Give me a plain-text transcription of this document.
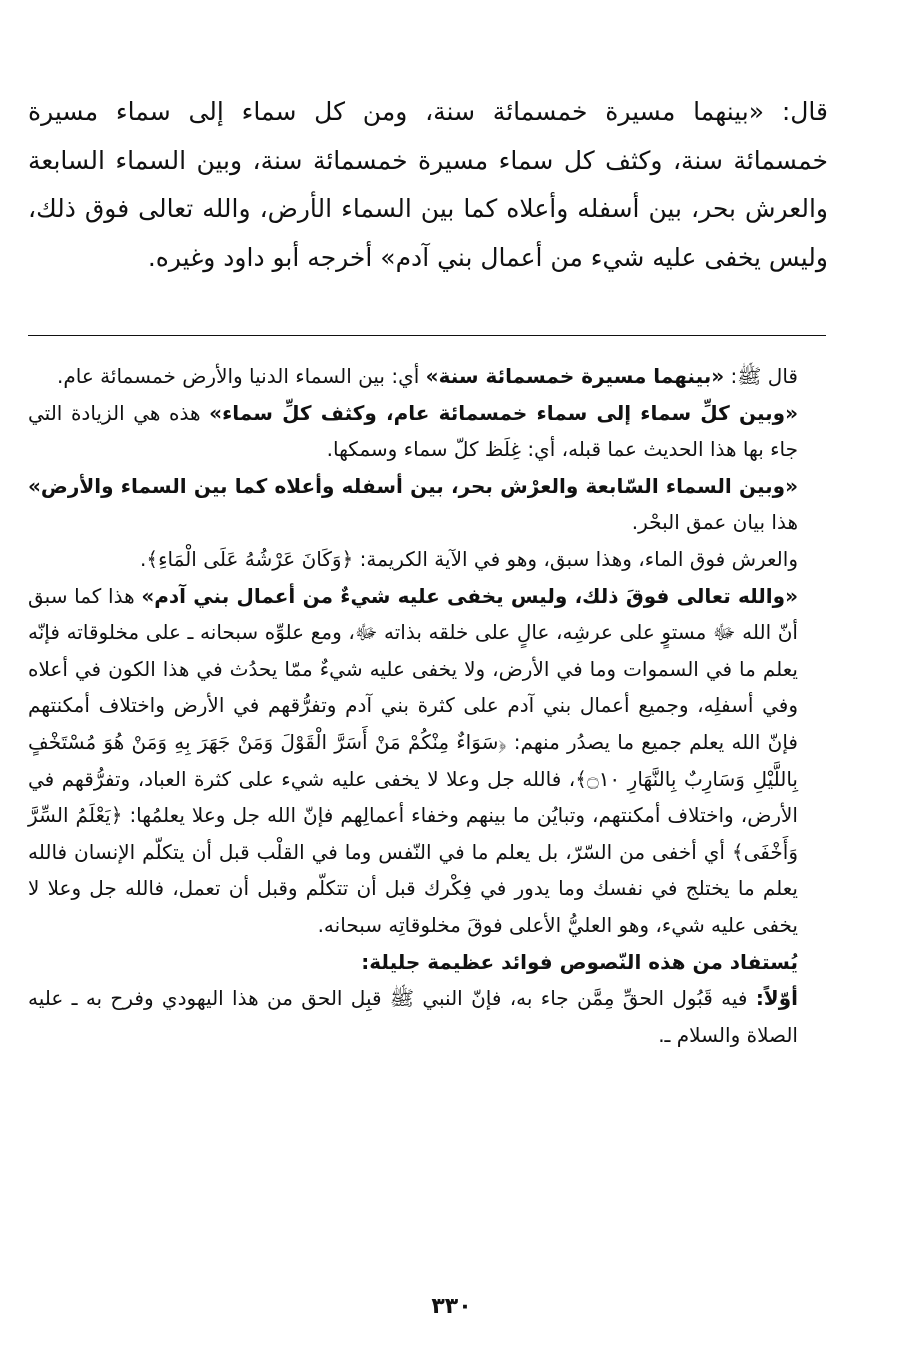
قال: «بينهما مسيرة خمسمائة سنة، ومن كل سماء إلى سماء مسيرة خمسمائة سنة، وكثف كل سماء مسيرة خمسمائة سنة، وبين السماء السابعة والعرش بحر، بين أسفله وأعلاه كما بين السماء الأرض، والله تعالى فوق ذلك، وليس يخفى عليه شيء من أعمال بني آدم» أخرجه أبو داود وغيره.

قال ﷺ: «بينهما مسيرة خمسمائة سنة» أي: بين السماء الدنيا والأرض خمسمائة عام.

«وبين كلِّ سماء إلى سماء خمسمائة عام، وكثف كلِّ سماء» هذه هي الزيادة التي جاء بها هذا الحديث عما قبله، أي: غِلَظ كلّ سماء وسمكها.

«وبين السماء السّابعة والعرْش بحر، بين أسفله وأعلاه كما بين السماء والأرض» هذا بيان عمق البحْر.

والعرش فوق الماء، وهذا سبق، وهو في الآية الكريمة: ﴿وَكَانَ عَرْشُهُ عَلَى الْمَاءِ﴾.

«والله تعالى فوقَ ذلك، وليس يخفى عليه شيءٌ من أعمال بني آدم» هذا كما سبق أنّ الله ﷻ مستوٍ على عرشِه، عالٍ على خلقه بذاته ﷻ، ومع علوِّه سبحانه ـ على مخلوقاته فإنّه يعلم ما في السموات وما في الأرض، ولا يخفى عليه شيءٌ ممّا يحدُث في هذا الكون في أعلاه وفي أسفلِه، وجميع أعمال بني آدم على كثرة بني آدم وتفرُّقهم في الأرض واختلاف أمكنتهم فإنّ الله يعلم جميع ما يصدُر منهم: ﴿سَوَاءٌ مِنْكُمْ مَنْ أَسَرَّ الْقَوْلَ وَمَنْ جَهَرَ بِهِ وَمَنْ هُوَ مُسْتَخْفٍ بِاللَّيْلِ وَسَارِبٌ بِالنَّهَارِ ۝١٠﴾، فالله جل وعلا لا يخفى عليه شيء على كثرة العباد، وتفرُّقهم في الأرض، واختلاف أمكنتهم، وتبايُن ما بينهم وخفاء أعمالِهم فإنّ الله جل وعلا يعلمُها: ﴿يَعْلَمُ السِّرَّ وَأَخْفَى﴾ أي أخفى من السّرّ، بل يعلم ما في النّفس وما في القلْب قبل أن يتكلّم الإنسان فالله يعلم ما يختلج في نفسك وما يدور في فِكْرك قبل أن تتكلّم وقبل أن تعمل، فالله جل وعلا لا يخفى عليه شيء، وهو العليُّ الأعلى فوقَ مخلوقاتِه سبحانه.

يُستفاد من هذه النّصوص فوائد عظيمة جليلة:

أوّلاً: فيه قَبُول الحقِّ مِمَّن جاء به، فإنّ النبي ﷺ قبِل الحق من هذا اليهودي وفرح به ـ عليه الصلاة والسلام ـ.

٣٣٠
